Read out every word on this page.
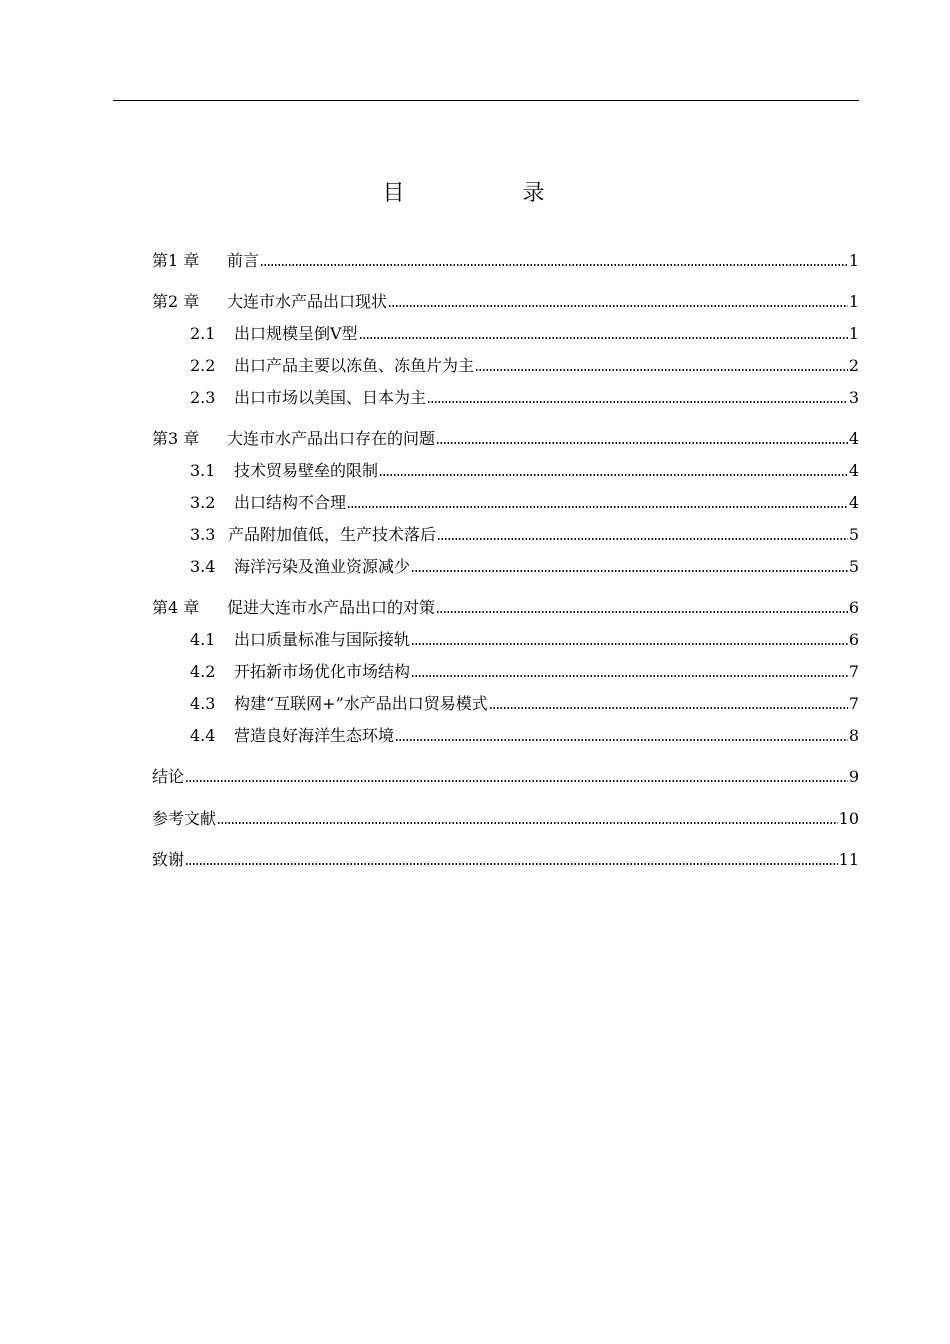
目　录
第1 章	前言	1
第2 章	大连市水产品出口现状	1
2.1	出口规模呈倒Ⅴ型	1
2.2	出口产品主要以冻鱼、冻鱼片为主	2
2.3	出口市场以美国、日本为主	3
第3 章	大连市水产品出口存在的问题	4
3.1	技术贸易壁垒的限制	4
3.2	出口结构不合理	4
3.3 产品附加值低，生产技术落后	5
3.4	海洋污染及渔业资源减少	5
第4 章	促进大连市水产品出口的对策	6
4.1	出口质量标准与国际接轨	6
4.2	开拓新市场优化市场结构	7
4.3	构建“互联网+”水产品出口贸易模式	7
4.4	营造良好海洋生态环境	8
结论	9
参考文献	10
致谢	11
